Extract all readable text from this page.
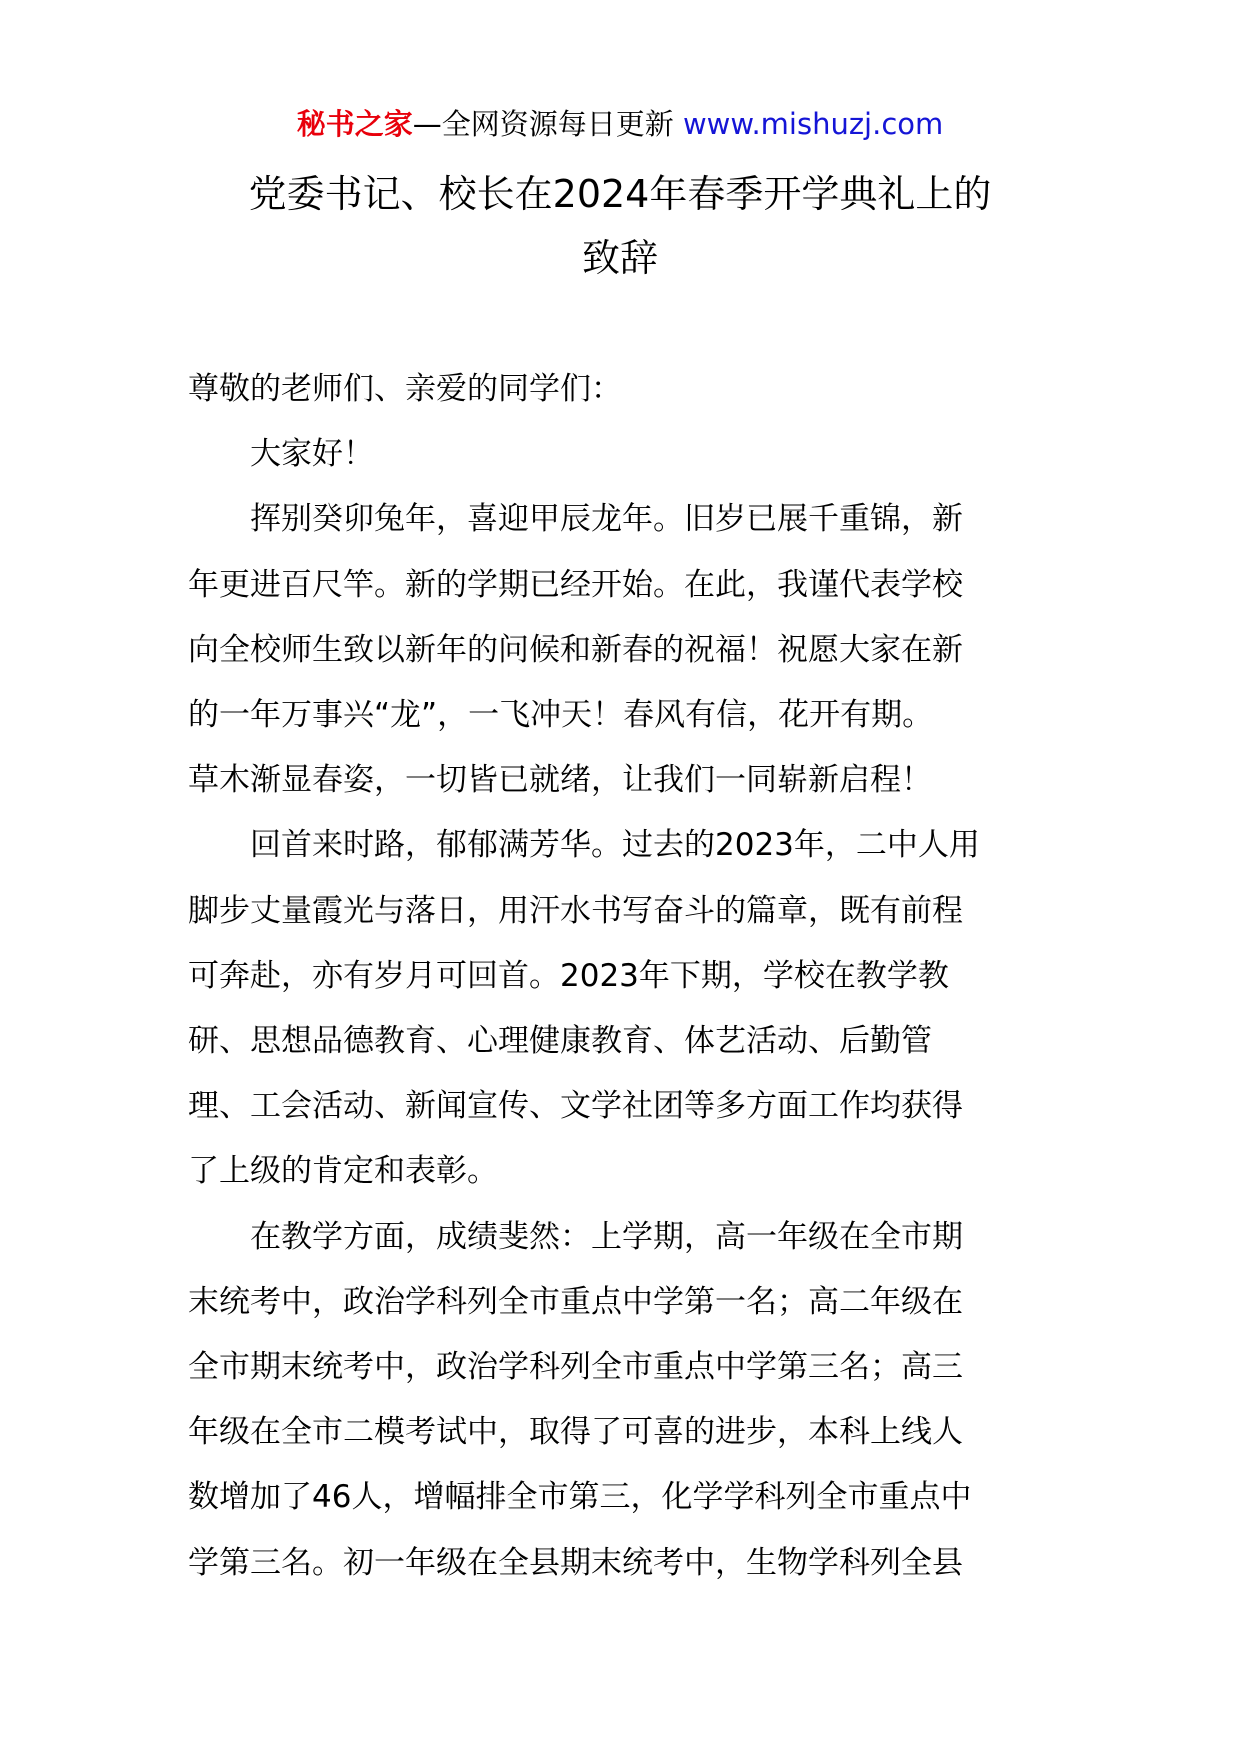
秘书之家—全网资源每日更新 www.mishuzj.com
党委书记、校长在2024年春季开学典礼上的
致辞

尊敬的老师们、亲爱的同学们：

大家好！

挥别癸卯兔年，喜迎甲辰龙年。旧岁已展千重锦，新
年更进百尺竿。新的学期已经开始。在此，我谨代表学校
向全校师生致以新年的问候和新春的祝福！祝愿大家在新
的一年万事兴“龙”，一飞冲天！春风有信，花开有期。
草木渐显春姿，一切皆已就绪，让我们一同崭新启程！

回首来时路，郁郁满芳华。过去的2023年，二中人用
脚步丈量霞光与落日，用汗水书写奋斗的篇章，既有前程
可奔赴，亦有岁月可回首。2023年下期，学校在教学教
研、思想品德教育、心理健康教育、体艺活动、后勤管
理、工会活动、新闻宣传、文学社团等多方面工作均获得
了上级的肯定和表彰。

在教学方面，成绩斐然：上学期，高一年级在全市期
末统考中，政治学科列全市重点中学第一名；高二年级在
全市期末统考中，政治学科列全市重点中学第三名；高三
年级在全市二模考试中，取得了可喜的进步，本科上线人
数增加了46人，增幅排全市第三，化学学科列全市重点中
学第三名。初一年级在全县期末统考中，生物学科列全县
